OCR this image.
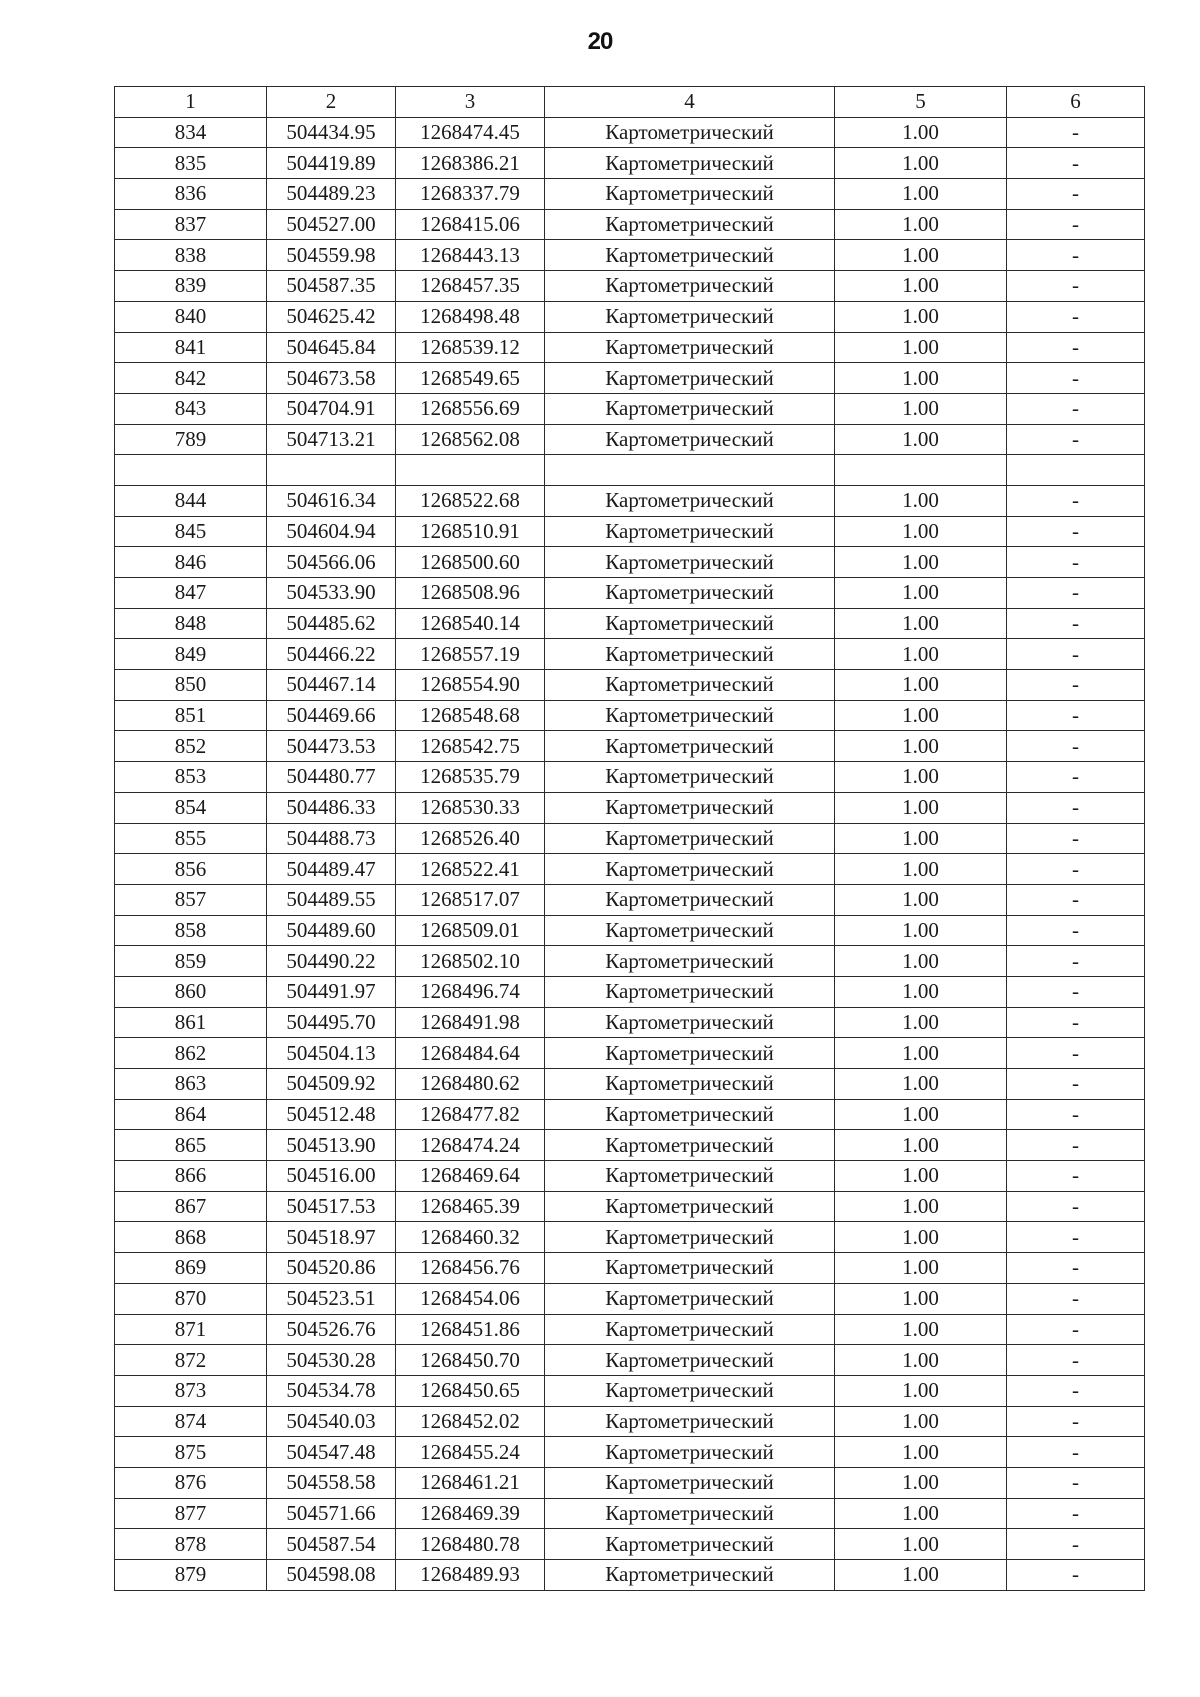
20
1	2	3	4	5	6
834	504434.95	1268474.45	Картометрический	1.00	-
835	504419.89	1268386.21	Картометрический	1.00	-
836	504489.23	1268337.79	Картометрический	1.00	-
837	504527.00	1268415.06	Картометрический	1.00	-
838	504559.98	1268443.13	Картометрический	1.00	-
839	504587.35	1268457.35	Картометрический	1.00	-
840	504625.42	1268498.48	Картометрический	1.00	-
841	504645.84	1268539.12	Картометрический	1.00	-
842	504673.58	1268549.65	Картометрический	1.00	-
843	504704.91	1268556.69	Картометрический	1.00	-
789	504713.21	1268562.08	Картометрический	1.00	-

844	504616.34	1268522.68	Картометрический	1.00	-
845	504604.94	1268510.91	Картометрический	1.00	-
846	504566.06	1268500.60	Картометрический	1.00	-
847	504533.90	1268508.96	Картометрический	1.00	-
848	504485.62	1268540.14	Картометрический	1.00	-
849	504466.22	1268557.19	Картометрический	1.00	-
850	504467.14	1268554.90	Картометрический	1.00	-
851	504469.66	1268548.68	Картометрический	1.00	-
852	504473.53	1268542.75	Картометрический	1.00	-
853	504480.77	1268535.79	Картометрический	1.00	-
854	504486.33	1268530.33	Картометрический	1.00	-
855	504488.73	1268526.40	Картометрический	1.00	-
856	504489.47	1268522.41	Картометрический	1.00	-
857	504489.55	1268517.07	Картометрический	1.00	-
858	504489.60	1268509.01	Картометрический	1.00	-
859	504490.22	1268502.10	Картометрический	1.00	-
860	504491.97	1268496.74	Картометрический	1.00	-
861	504495.70	1268491.98	Картометрический	1.00	-
862	504504.13	1268484.64	Картометрический	1.00	-
863	504509.92	1268480.62	Картометрический	1.00	-
864	504512.48	1268477.82	Картометрический	1.00	-
865	504513.90	1268474.24	Картометрический	1.00	-
866	504516.00	1268469.64	Картометрический	1.00	-
867	504517.53	1268465.39	Картометрический	1.00	-
868	504518.97	1268460.32	Картометрический	1.00	-
869	504520.86	1268456.76	Картометрический	1.00	-
870	504523.51	1268454.06	Картометрический	1.00	-
871	504526.76	1268451.86	Картометрический	1.00	-
872	504530.28	1268450.70	Картометрический	1.00	-
873	504534.78	1268450.65	Картометрический	1.00	-
874	504540.03	1268452.02	Картометрический	1.00	-
875	504547.48	1268455.24	Картометрический	1.00	-
876	504558.58	1268461.21	Картометрический	1.00	-
877	504571.66	1268469.39	Картометрический	1.00	-
878	504587.54	1268480.78	Картометрический	1.00	-
879	504598.08	1268489.93	Картометрический	1.00	-
